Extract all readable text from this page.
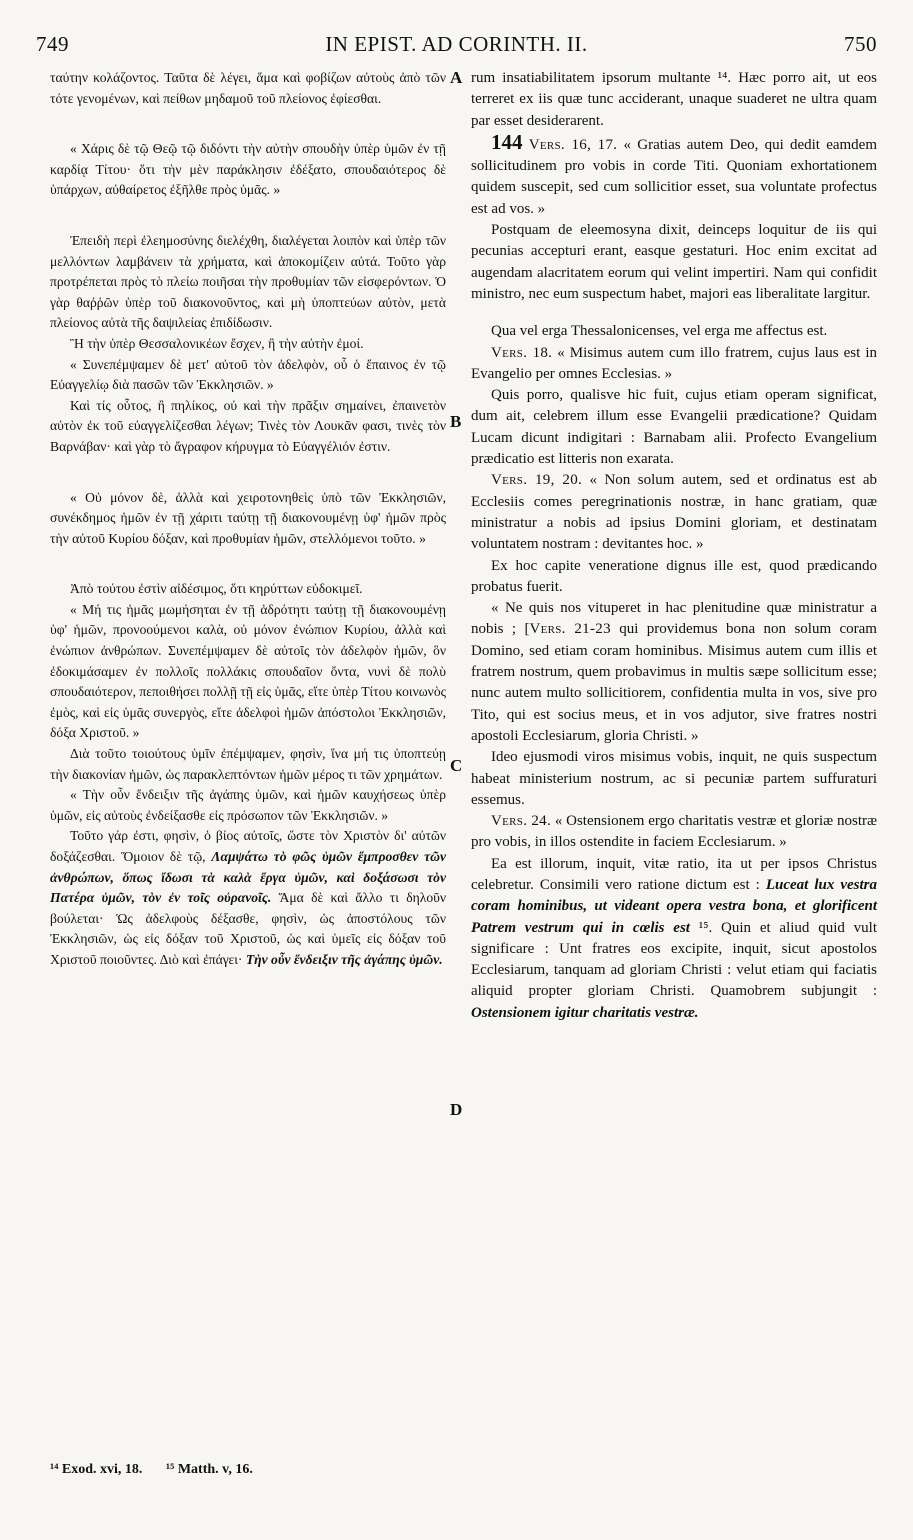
749	IN EPIST. AD CORINTH. II.	750

ταύτην κολάζοντος. Ταῦτα δὲ λέγει, ἅμα καὶ φοβίζων αὐτοὺς ἀπὸ τῶν τότε γενομένων, καὶ πείθων μηδαμοῦ τοῦ πλείονος ἐφίεσθαι.

« Χάρις δὲ τῷ Θεῷ τῷ διδόντι τὴν αὐτὴν σπουδὴν ὑπὲρ ὑμῶν ἐν τῇ καρδίᾳ Τίτου· ὅτι τὴν μὲν παράκλησιν ἐδέξατο, σπουδαιότερος δὲ ὑπάρχων, αὐθαίρετος ἐξῆλθε πρὸς ὑμᾶς. »

Ἐπειδὴ περὶ ἐλεημοσύνης διελέχθη, διαλέγεται λοιπὸν καὶ ὑπὲρ τῶν μελλόντων λαμβάνειν τὰ χρήματα, καὶ ἀποκομίζειν αὐτά. Τοῦτο γὰρ προτρέπεται πρὸς τὸ πλείω ποιῆσαι τὴν προθυμίαν τῶν εἰσφερόντων. Ὁ γὰρ θαῤῥῶν ὑπὲρ τοῦ διακονοῦντος, καὶ μὴ ὑποπτεύων αὐτὸν, μετὰ πλείονος αὐτὰ τῆς δαψιλείας ἐπιδίδωσιν.

Ἢ τὴν ὑπὲρ Θεσσαλονικέων ἔσχεν, ἢ τὴν αὐτὴν ἐμοί.

« Συνεπέμψαμεν δὲ μετ' αὐτοῦ τὸν ἀδελφὸν, οὗ ὁ ἔπαινος ἐν τῷ Εὐαγγελίῳ διὰ πασῶν τῶν Ἐκκλησιῶν. »

Καὶ τίς οὗτος, ἢ πηλίκος, οὐ καὶ τὴν πρᾶξιν σημαίνει, ἐπαινετὸν αὐτὸν ἐκ τοῦ εὐαγγελίζεσθαι λέγων; Τινὲς τὸν Λουκᾶν φασι, τινὲς τὸν Βαρνάβαν· καὶ γὰρ τὸ ἄγραφον κήρυγμα τὸ Εὐαγγέλιόν ἐστιν.

« Οὐ μόνον δὲ, ἀλλὰ καὶ χειροτονηθεὶς ὑπὸ τῶν Ἐκκλησιῶν, συνέκδημος ἡμῶν ἐν τῇ χάριτι ταύτῃ τῇ διακονουμένῃ ὑφ' ἡμῶν πρὸς τὴν αὐτοῦ Κυρίου δόξαν, καὶ προθυμίαν ἡμῶν, στελλόμενοι τοῦτο. »

Ἀπὸ τούτου ἐστὶν αἰδέσιμος, ὅτι κηρύττων εὐδοκιμεῖ.

« Μή τις ἡμᾶς μωμήσηται ἐν τῇ ἁδρότητι ταύτῃ τῇ διακονουμένῃ ὑφ' ἡμῶν, προνοούμενοι καλὰ, οὐ μόνον ἐνώπιον Κυρίου, ἀλλὰ καὶ ἐνώπιον ἀνθρώπων. Συνεπέμψαμεν δὲ αὐτοῖς τὸν ἀδελφὸν ἡμῶν, ὃν ἐδοκιμάσαμεν ἐν πολλοῖς πολλάκις σπουδαῖον ὄντα, νυνὶ δὲ πολὺ σπουδαιότερον, πεποιθήσει πολλῇ τῇ εἰς ὑμᾶς, εἴτε ὑπὲρ Τίτου κοινωνὸς ἐμὸς, καὶ εἰς ὑμᾶς συνεργὸς, εἴτε ἀδελφοὶ ἡμῶν ἀπόστολοι Ἐκκλησιῶν, δόξα Χριστοῦ. »

Διὰ τοῦτο τοιούτους ὑμῖν ἐπέμψαμεν, φησὶν, ἵνα μή τις ὑποπτεύῃ τὴν διακονίαν ἡμῶν, ὡς παρακλεπτόντων ἡμῶν μέρος τι τῶν χρημάτων.

« Τὴν οὖν ἔνδειξιν τῆς ἀγάπης ὑμῶν, καὶ ἡμῶν καυχήσεως ὑπὲρ ὑμῶν, εἰς αὐτοὺς ἐνδείξασθε εἰς πρόσωπον τῶν Ἐκκλησιῶν. »

Τοῦτο γάρ ἐστι, φησὶν, ὁ βίος αὐτοῖς, ὥστε τὸν Χριστὸν δι' αὐτῶν δοξάζεσθαι. Ὅμοιον δὲ τῷ, Λαμψάτω τὸ φῶς ὑμῶν ἔμπροσθεν τῶν ἀνθρώπων, ὅπως ἴδωσι τὰ καλὰ ἔργα ὑμῶν, καὶ δοξάσωσι τὸν Πατέρα ὑμῶν, τὸν ἐν τοῖς οὐρανοῖς. Ἅμα δὲ καὶ ἄλλο τι δηλοῦν βούλεται· Ὡς ἀδελφοὺς δέξασθε, φησὶν, ὡς ἀποστόλους τῶν Ἐκκλησιῶν, ὡς εἰς δόξαν τοῦ Χριστοῦ, ὡς καὶ ὑμεῖς εἰς δόξαν τοῦ Χριστοῦ ποιοῦντες. Διὸ καὶ ἐπάγει· Τὴν οὖν ἔνδειξιν τῆς ἀγάπης ὑμῶν.

A
B
C
D

rum insatiabilitatem ipsorum multante ¹⁴. Hæc porro ait, ut eos terreret ex iis quæ tunc acciderant, unaque suaderet ne ultra quam par esset desiderarent.

144 Vers. 16, 17. « Gratias autem Deo, qui dedit eamdem sollicitudinem pro vobis in corde Titi. Quoniam exhortationem quidem suscepit, sed cum sollicitior esset, sua voluntate profectus est ad vos. »

Postquam de eleemosyna dixit, deinceps loquitur de iis qui pecunias accepturi erant, easque gestaturi. Hoc enim excitat ad augendam alacritatem eorum qui velint impertiri. Nam qui confidit ministro, nec eum suspectum habet, majori eas liberalitate largitur.

Qua vel erga Thessalonicenses, vel erga me affectus est.

Vers. 18. « Misimus autem cum illo fratrem, cujus laus est in Evangelio per omnes Ecclesias. »

Quis porro, qualisve hic fuit, cujus etiam operam significat, dum ait, celebrem illum esse Evangelii prædicatione? Quidam Lucam dicunt indigitari : Barnabam alii. Profecto Evangelium prædicatio est litteris non exarata.

Vers. 19, 20. « Non solum autem, sed et ordinatus est ab Ecclesiis comes peregrinationis nostræ, in hanc gratiam, quæ ministratur a nobis ad ipsius Domini gloriam, et destinatam voluntatem nostram : devitantes hoc. »

Ex hoc capite veneratione dignus ille est, quod prædicando probatus fuerit.

« Ne quis nos vituperet in hac plenitudine quæ ministratur a nobis ; [Vers. 21-23 qui providemus bona non solum coram Domino, sed etiam coram hominibus. Misimus autem cum illis et fratrem nostrum, quem probavimus in multis sæpe sollicitum esse; nunc autem multo sollicitiorem, confidentia multa in vos, sive pro Tito, qui est socius meus, et in vos adjutor, sive fratres nostri apostoli Ecclesiarum, gloria Christi. »

Ideo ejusmodi viros misimus vobis, inquit, ne quis suspectum habeat ministerium nostrum, ac si pecuniæ partem suffuraturi essemus.

Vers. 24. « Ostensionem ergo charitatis vestræ et gloriæ nostræ pro vobis, in illos ostendite in faciem Ecclesiarum. »

Ea est illorum, inquit, vitæ ratio, ita ut per ipsos Christus celebretur. Consimili vero ratione dictum est : Luceat lux vestra coram hominibus, ut videant opera vestra bona, et glorificent Patrem vestrum qui in cœlis est ¹⁵. Quin et aliud quid vult significare : Unt fratres eos excipite, inquit, sicut apostolos Ecclesiarum, tanquam ad gloriam Christi : velut etiam qui faciatis aliquid propter gloriam Christi. Quamobrem subjungit : Ostensionem igitur charitatis vestræ.

¹⁴ Exod. xvi, 18. ¹⁵ Matth. v, 16.
